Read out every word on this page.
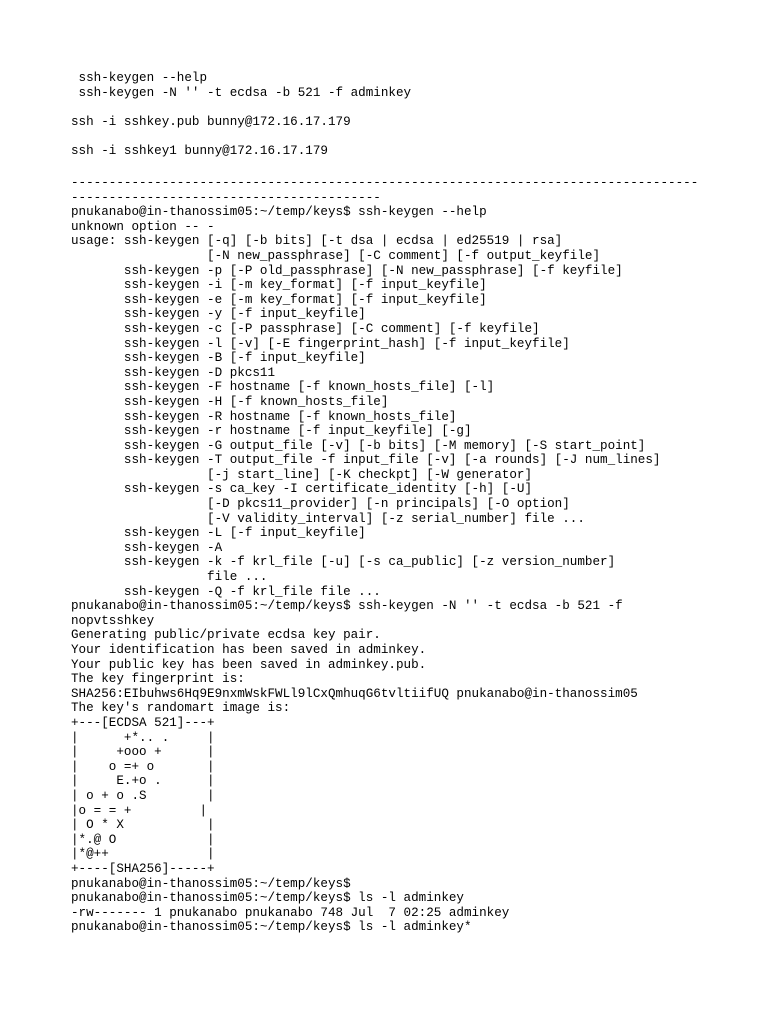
ssh-keygen --help
ssh-keygen -N '' -t ecdsa -b 521 -f adminkey
ssh -i sshkey.pub bunny@172.16.17.179
ssh -i sshkey1 bunny@172.16.17.179
-----------------------------------------------------------------------------------
-----------------------------------------
pnukanabo@in-thanossim05:~/temp/keys$ ssh-keygen --help
unknown option -- -
usage: ssh-keygen [-q] [-b bits] [-t dsa | ecdsa | ed25519 | rsa]
[-N new_passphrase] [-C comment] [-f output_keyfile]
ssh-keygen -p [-P old_passphrase] [-N new_passphrase] [-f keyfile]
ssh-keygen -i [-m key_format] [-f input_keyfile]
ssh-keygen -e [-m key_format] [-f input_keyfile]
ssh-keygen -y [-f input_keyfile]
ssh-keygen -c [-P passphrase] [-C comment] [-f keyfile]
ssh-keygen -l [-v] [-E fingerprint_hash] [-f input_keyfile]
ssh-keygen -B [-f input_keyfile]
ssh-keygen -D pkcs11
ssh-keygen -F hostname [-f known_hosts_file] [-l]
ssh-keygen -H [-f known_hosts_file]
ssh-keygen -R hostname [-f known_hosts_file]
ssh-keygen -r hostname [-f input_keyfile] [-g]
ssh-keygen -G output_file [-v] [-b bits] [-M memory] [-S start_point]
ssh-keygen -T output_file -f input_file [-v] [-a rounds] [-J num_lines]
[-j start_line] [-K checkpt] [-W generator]
ssh-keygen -s ca_key -I certificate_identity [-h] [-U]
[-D pkcs11_provider] [-n principals] [-O option]
[-V validity_interval] [-z serial_number] file ...
ssh-keygen -L [-f input_keyfile]
ssh-keygen -A
ssh-keygen -k -f krl_file [-u] [-s ca_public] [-z version_number]
file ...
ssh-keygen -Q -f krl_file file ...
pnukanabo@in-thanossim05:~/temp/keys$ ssh-keygen -N '' -t ecdsa -b 521 -f
nopvtsshkey
Generating public/private ecdsa key pair.
Your identification has been saved in adminkey.
Your public key has been saved in adminkey.pub.
The key fingerprint is:
SHA256:EIbuhws6Hq9E9nxmWskFWLl9lCxQmhuqG6tvltiifUQ pnukanabo@in-thanossim05
The key's randomart image is:
+---[ECDSA 521]---+
|      +*.. .     |
|     +ooo +      |
|    o =+ o       |
|     E.+o .      |
| o + o .S        |
|o = = +         |
| O * X           |
|*.@ O            |
|*@++             |
+----[SHA256]-----+
pnukanabo@in-thanossim05:~/temp/keys$
pnukanabo@in-thanossim05:~/temp/keys$ ls -l adminkey
-rw------- 1 pnukanabo pnukanabo 748 Jul  7 02:25 adminkey
pnukanabo@in-thanossim05:~/temp/keys$ ls -l adminkey*
